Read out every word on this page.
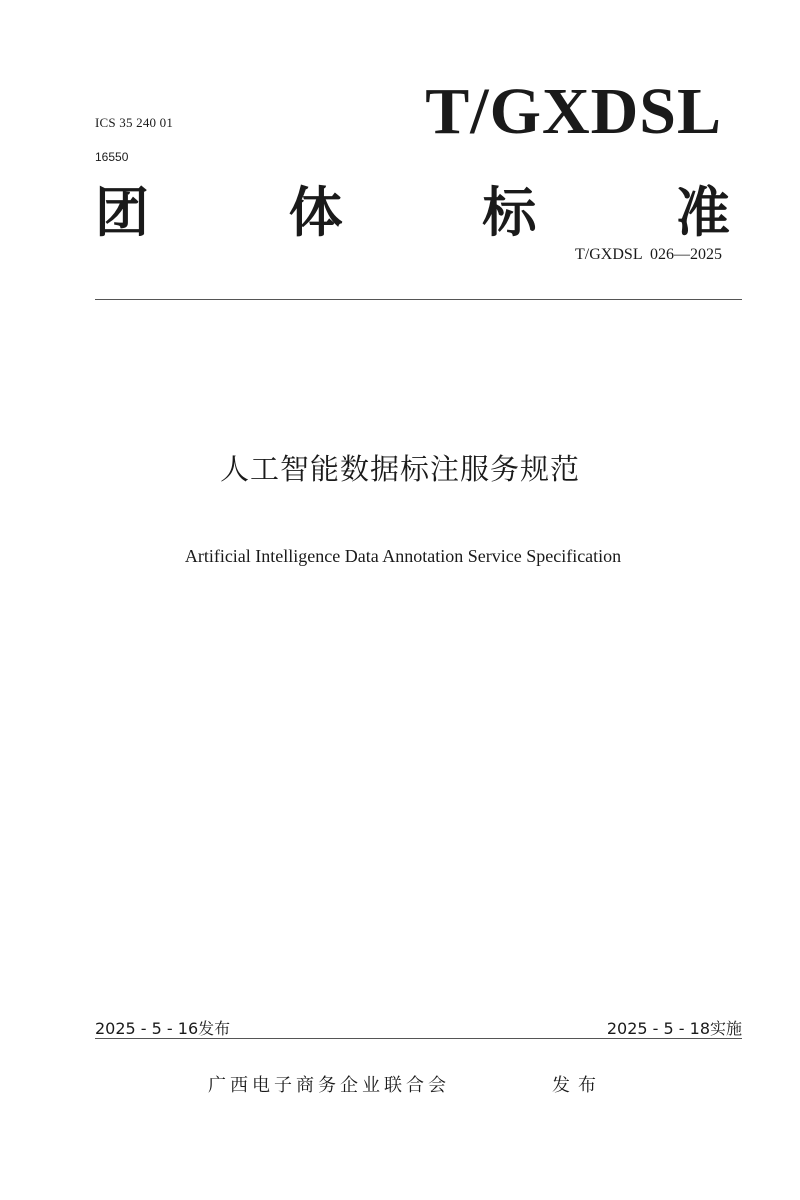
ICS 35 240 01
16550
T/GXDSL
团	体	标	准
T/GXDSL  026—2025
人工智能数据标注服务规范
Artificial Intelligence Data Annotation Service Specification
2025 - 5 - 16发布	2025 - 5 - 18实施
广西电子商务企业联合会	发布
